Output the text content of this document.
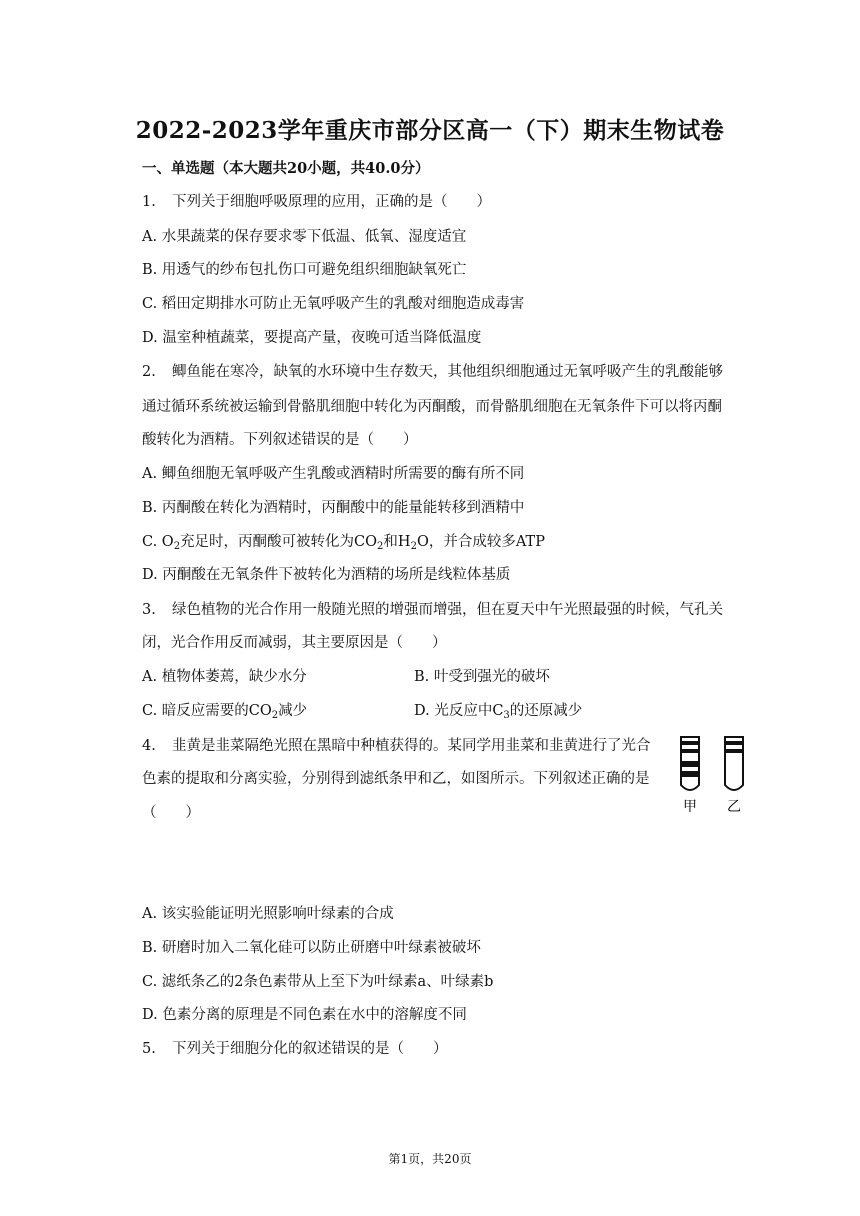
2022-2023学年重庆市部分区高一（下）期末生物试卷
一、单选题（本大题共20小题，共40.0分）
1. 下列关于细胞呼吸原理的应用，正确的是（　　）
A. 水果蔬菜的保存要求零下低温、低氧、湿度适宜
B. 用透气的纱布包扎伤口可避免组织细胞缺氧死亡
C. 稻田定期排水可防止无氧呼吸产生的乳酸对细胞造成毒害
D. 温室种植蔬菜，要提高产量，夜晚可适当降低温度
2. 鲫鱼能在寒冷，缺氧的水环境中生存数天，其他组织细胞通过无氧呼吸产生的乳酸能够
通过循环系统被运输到骨骼肌细胞中转化为丙酮酸，而骨骼肌细胞在无氧条件下可以将丙酮
酸转化为酒精。下列叙述错误的是（　　）
A. 鲫鱼细胞无氧呼吸产生乳酸或酒精时所需要的酶有所不同
B. 丙酮酸在转化为酒精时，丙酮酸中的能量能转移到酒精中
C. $O_2$充足时，丙酮酸可被转化为$CO_2$和$H_2O$，并合成较多ATP
D. 丙酮酸在无氧条件下被转化为酒精的场所是线粒体基质
3. 绿色植物的光合作用一般随光照的增强而增强，但在夏天中午光照最强的时候，气孔关
闭，光合作用反而减弱，其主要原因是（　　）
A. 植物体萎蔫，缺少水分	B. 叶受到强光的破坏
C. 暗反应需要的$CO_2$减少	D. 光反应中$C_3$的还原减少
4. 韭黄是韭菜隔绝光照在黑暗中种植获得的。某同学用韭菜和韭黄进行了光合
色素的提取和分离实验，分别得到滤纸条甲和乙，如图所示。下列叙述正确的是
（　　）	甲 乙
A. 该实验能证明光照影响叶绿素的合成
B. 研磨时加入二氧化硅可以防止研磨中叶绿素被破坏
C. 滤纸条乙的2条色素带从上至下为叶绿素a、叶绿素b
D. 色素分离的原理是不同色素在水中的溶解度不同
5. 下列关于细胞分化的叙述错误的是（　　）
第1页，共20页
